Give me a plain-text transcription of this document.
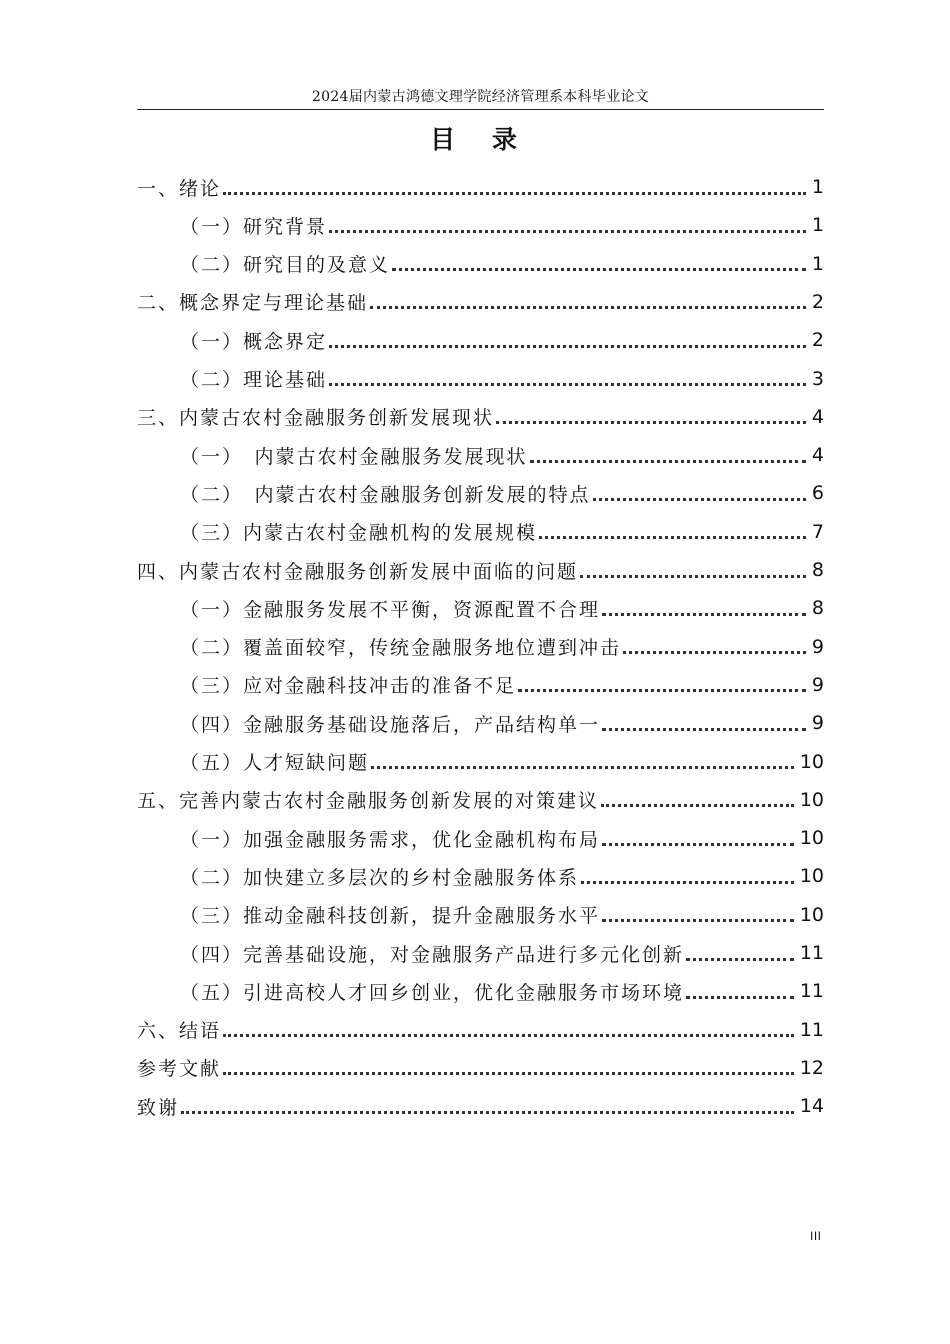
2024届内蒙古鸿德文理学院经济管理系本科毕业论文
目 录
一、绪论	1
（一）研究背景	1
（二）研究目的及意义	1
二、概念界定与理论基础	2
（一）概念界定	2
（二）理论基础	3
三、内蒙古农村金融服务创新发展现状	4
（一）　内蒙古农村金融服务发展现状	4
（二）　内蒙古农村金融服务创新发展的特点	6
（三）内蒙古农村金融机构的发展规模	7
四、内蒙古农村金融服务创新发展中面临的问题	8
（一）金融服务发展不平衡，资源配置不合理	8
（二）覆盖面较窄，传统金融服务地位遭到冲击	9
（三）应对金融科技冲击的准备不足	9
（四）金融服务基础设施落后，产品结构单一	9
（五）人才短缺问题	10
五、完善内蒙古农村金融服务创新发展的对策建议	10
（一）加强金融服务需求，优化金融机构布局	10
（二）加快建立多层次的乡村金融服务体系	10
（三）推动金融科技创新，提升金融服务水平	10
（四）完善基础设施，对金融服务产品进行多元化创新	11
（五）引进高校人才回乡创业，优化金融服务市场环境	11
六、结语	11
参考文献	12
致谢	14
III
